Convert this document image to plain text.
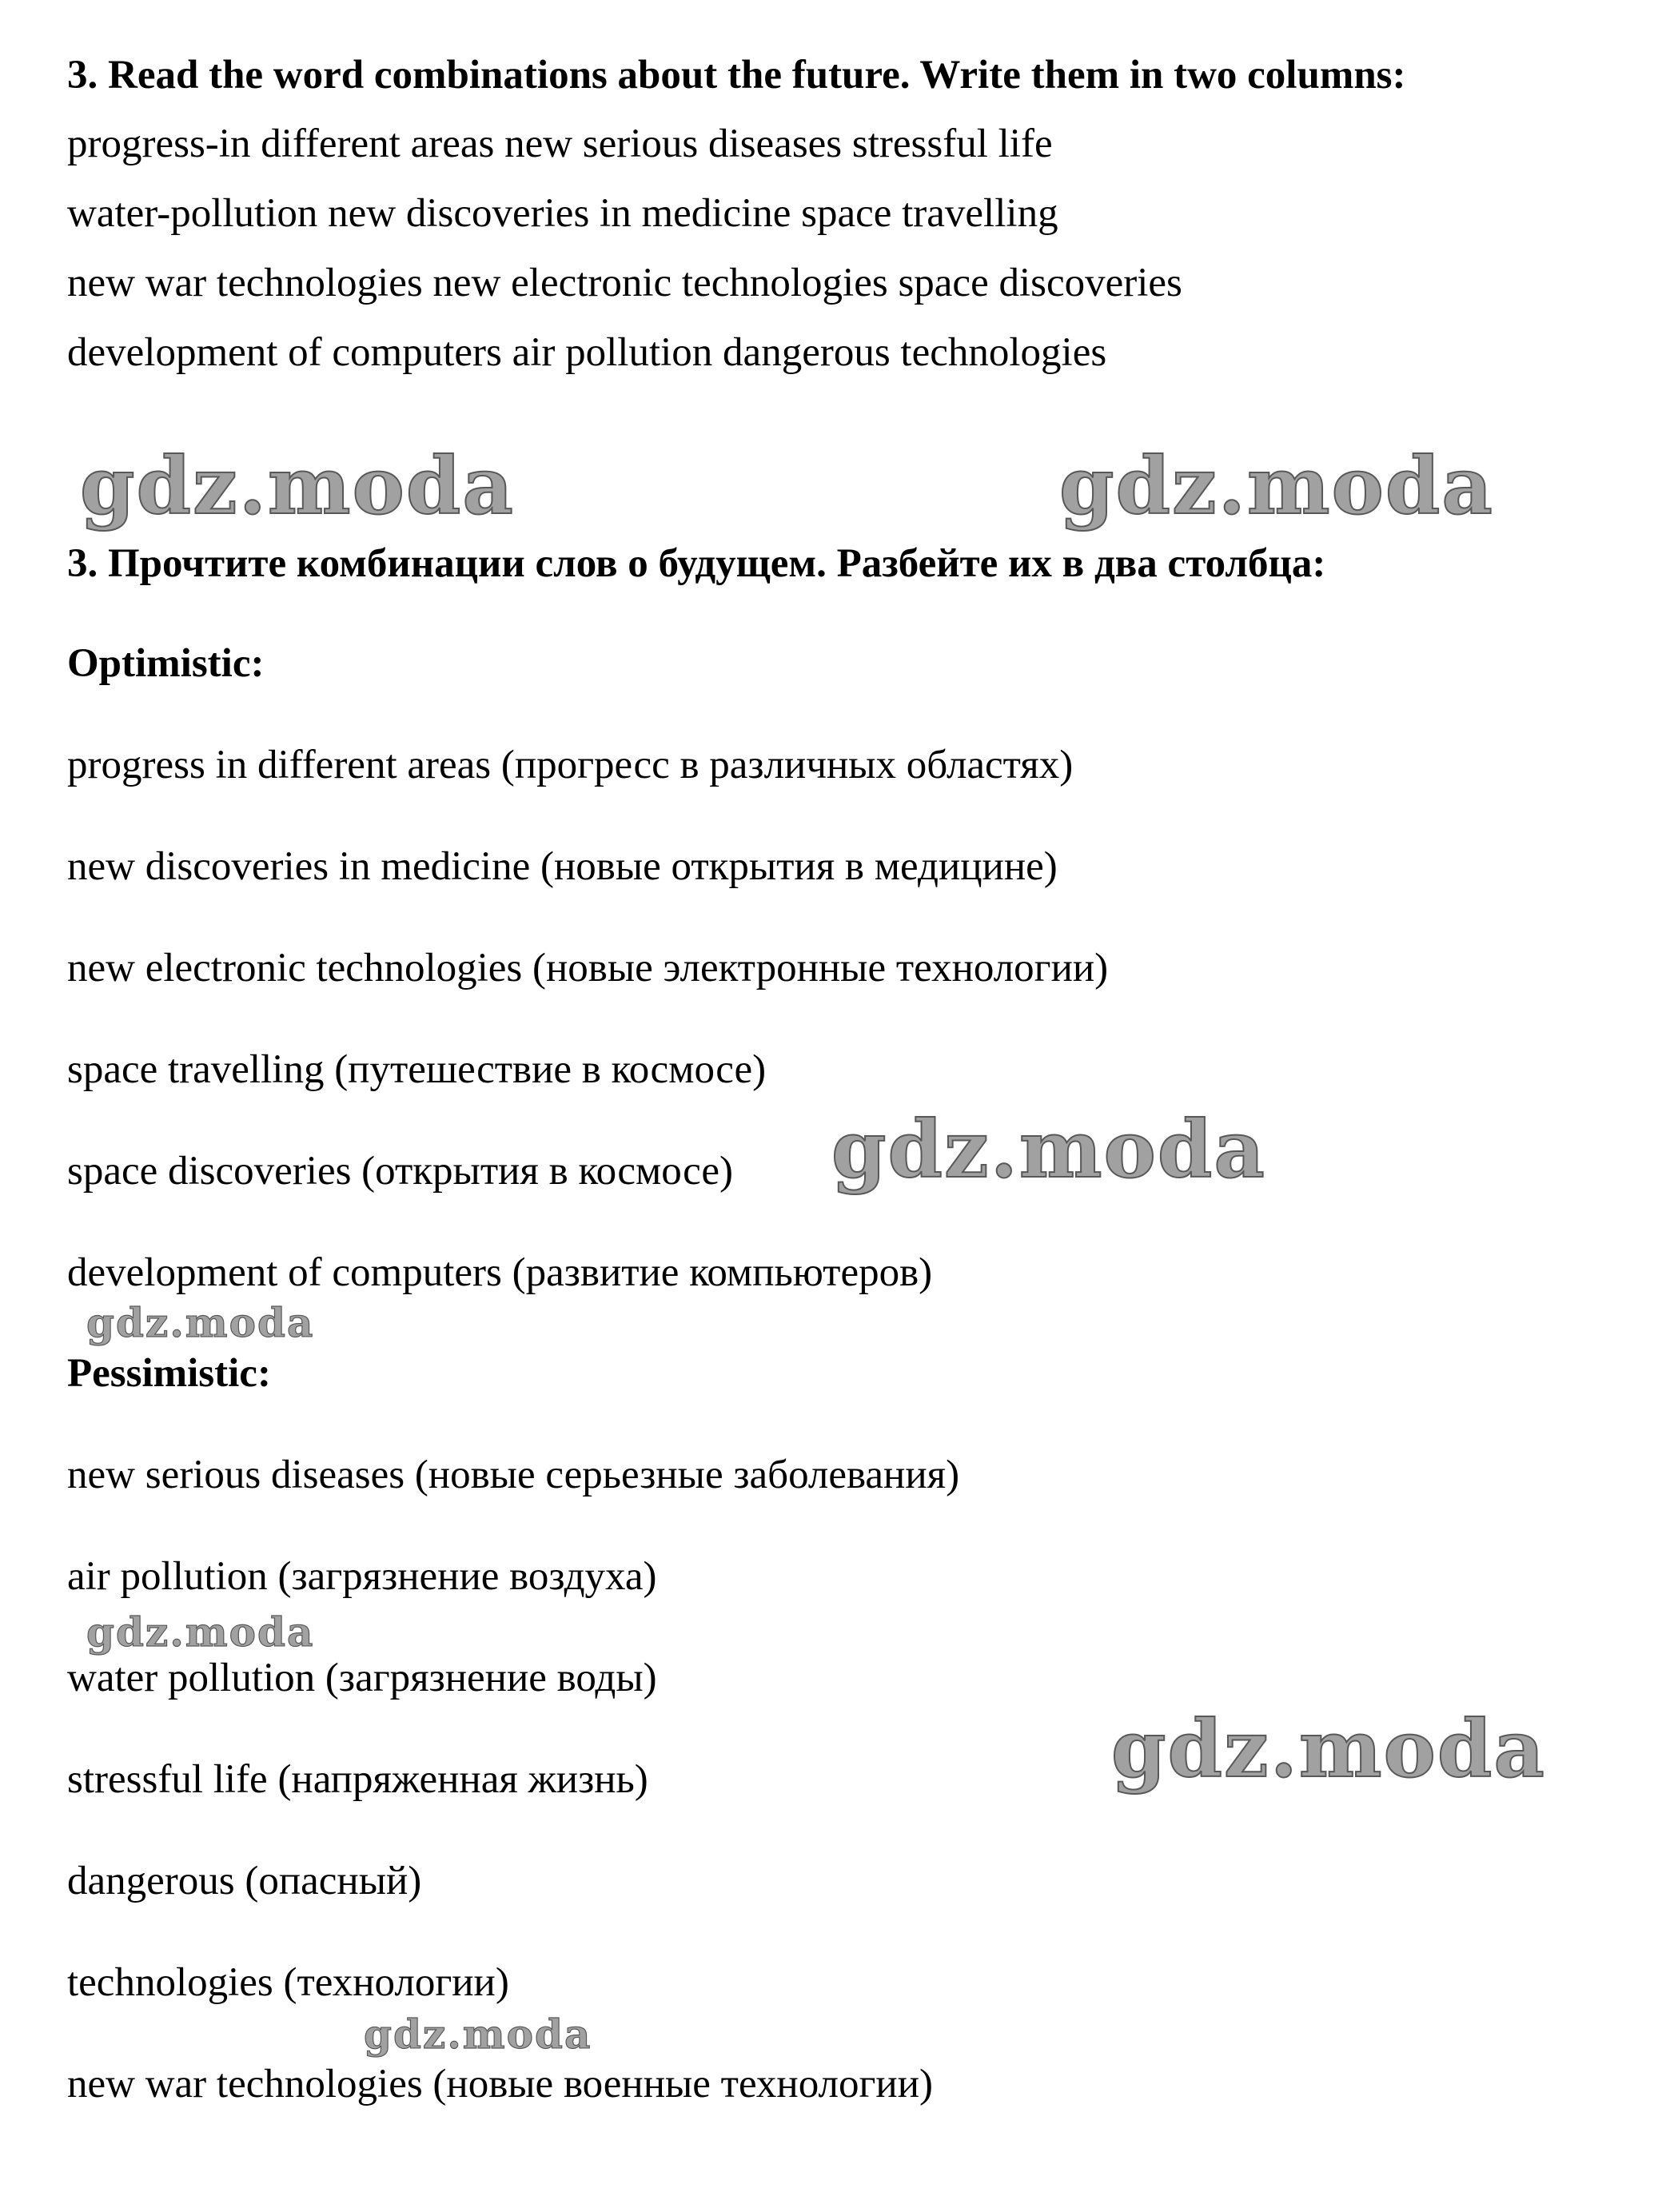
3. Read the word combinations about the future. Write them in two columns:
progress-in different areas new serious diseases stressful life
water-pollution new discoveries in medicine space travelling
new war technologies new electronic technologies space discoveries
development of computers air pollution dangerous technologies
3. Прочтите комбинации слов о будущем. Разбейте их в два столбца:
Optimistic:
progress in different areas (прогресс в различных областях)
new discoveries in medicine (новые открытия в медицине)
new electronic technologies (новые электронные технологии)
space travelling (путешествие в космосе)
space discoveries (открытия в космосе)
development of computers (развитие компьютеров)
Pessimistic:
new serious diseases (новые серьезные заболевания)
air pollution (загрязнение воздуха)
water pollution (загрязнение воды)
stressful life (напряженная жизнь)
dangerous (опасный)
technologies (технологии)
new war technologies (новые военные технологии)
gdz.moda	gdz.moda
gdz.moda
gdz.moda
gdz.moda
gdz.moda
gdz.moda
